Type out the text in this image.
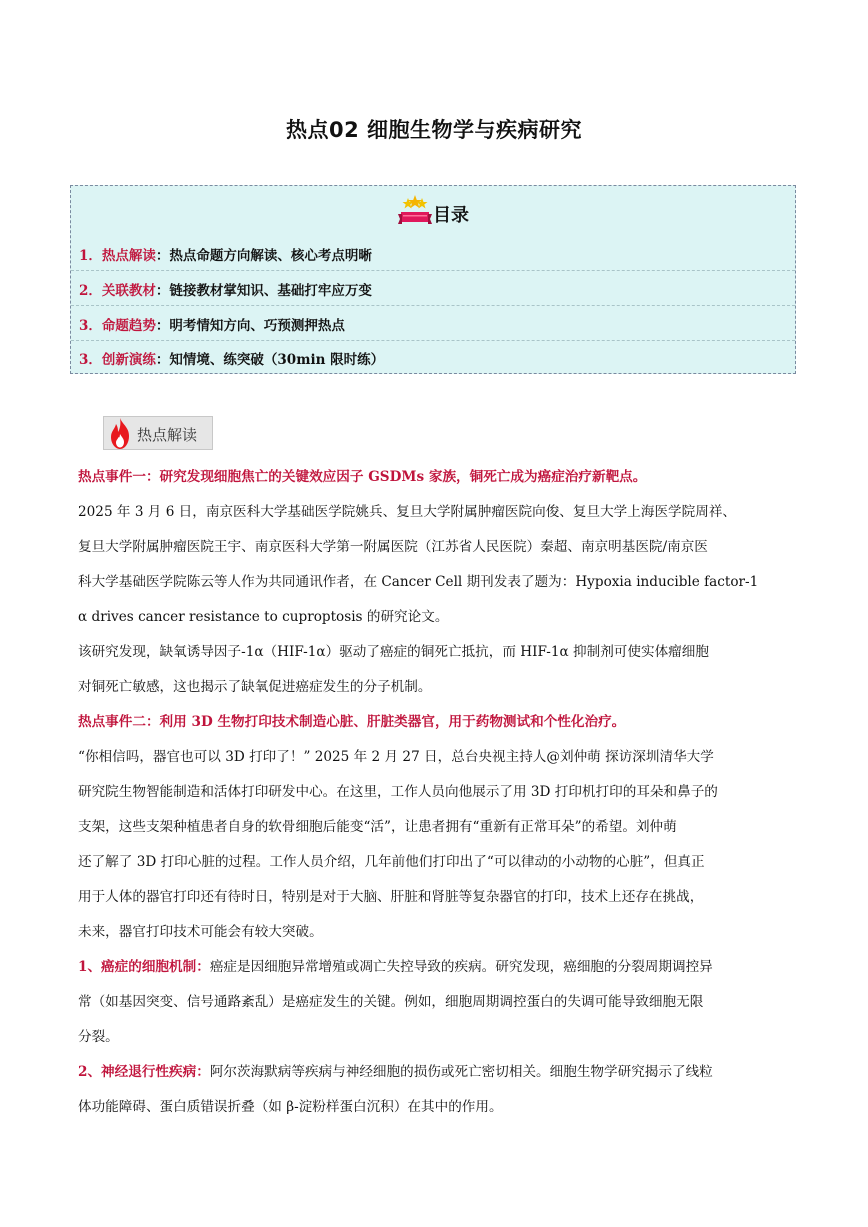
热点02 细胞生物学与疾病研究
目录
1．热点解读：热点命题方向解读、核心考点明晰
2．关联教材：链接教材掌知识、基础打牢应万变
3．命题趋势：明考情知方向、巧预测押热点
3．创新演练：知情境、练突破（30min 限时练）
热点解读

热点事件一：研究发现细胞焦亡的关键效应因子 GSDMs 家族，铜死亡成为癌症治疗新靶点。

2025 年 3 月 6 日，南京医科大学基础医学院姚兵、复旦大学附属肿瘤医院向俊、复旦大学上海医学院周祥、

复旦大学附属肿瘤医院王宇、南京医科大学第一附属医院（江苏省人民医院）秦超、南京明基医院/南京医

科大学基础医学院陈云等人作为共同通讯作者，在 Cancer Cell 期刊发表了题为：Hypoxia inducible factor-1

α drives cancer resistance to cuproptosis 的研究论文。

该研究发现，缺氧诱导因子-1α（HIF-1α）驱动了癌症的铜死亡抵抗，而 HIF-1α 抑制剂可使实体瘤细胞

对铜死亡敏感，这也揭示了缺氧促进癌症发生的分子机制。

热点事件二：利用 3D 生物打印技术制造心脏、肝脏类器官，用于药物测试和个性化治疗。

“你相信吗，器官也可以 3D 打印了！” 2025 年 2 月 27 日，总台央视主持人@刘仲萌 探访深圳清华大学

研究院生物智能制造和活体打印研发中心。在这里，工作人员向他展示了用 3D 打印机打印的耳朵和鼻子的

支架，这些支架种植患者自身的软骨细胞后能变“活”，让患者拥有“重新有正常耳朵”的希望。刘仲萌

还了解了 3D 打印心脏的过程。工作人员介绍，几年前他们打印出了“可以律动的小动物的心脏”，但真正

用于人体的器官打印还有待时日，特别是对于大脑、肝脏和肾脏等复杂器官的打印，技术上还存在挑战，

未来，器官打印技术可能会有较大突破。

1、癌症的细胞机制：癌症是因细胞异常增殖或凋亡失控导致的疾病。研究发现，癌细胞的分裂周期调控异

常（如基因突变、信号通路紊乱）是癌症发生的关键。例如，细胞周期调控蛋白的失调可能导致细胞无限

分裂。

2、神经退行性疾病：阿尔茨海默病等疾病与神经细胞的损伤或死亡密切相关。细胞生物学研究揭示了线粒

体功能障碍、蛋白质错误折叠（如 β-淀粉样蛋白沉积）在其中的作用。
